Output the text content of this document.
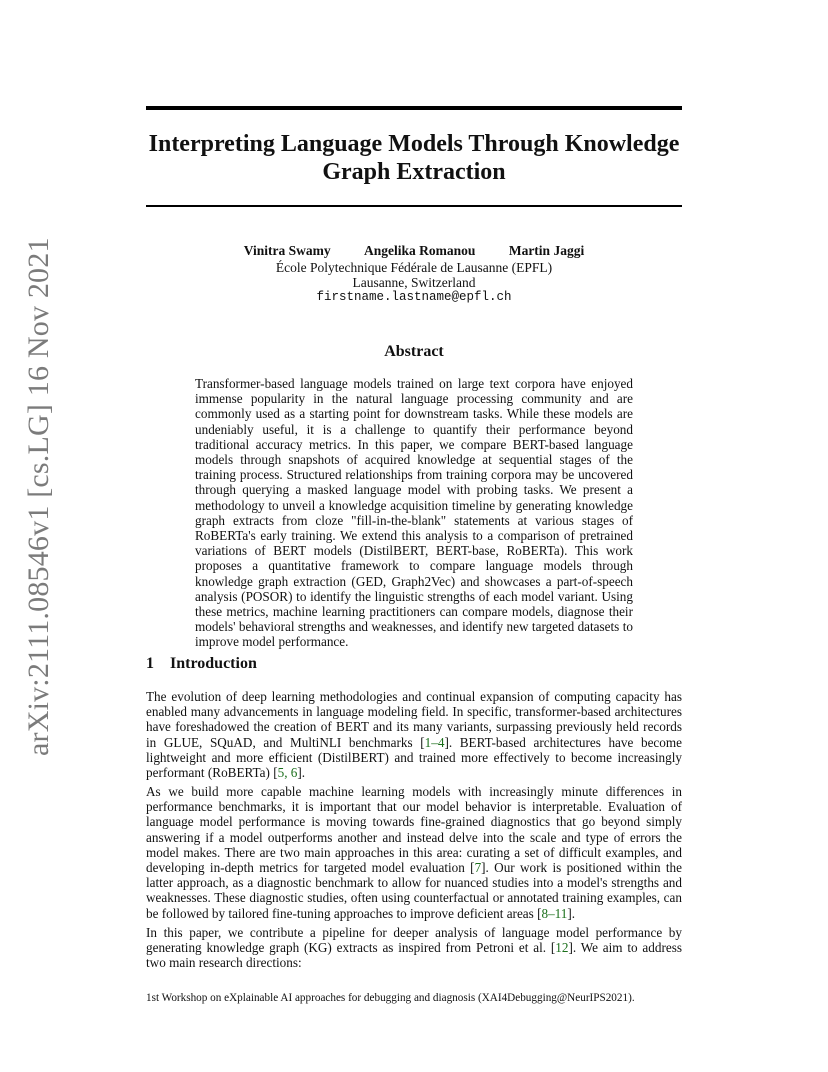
arXiv:2111.08546v1 [cs.LG] 16 Nov 2021
Interpreting Language Models Through Knowledge Graph Extraction
Vinitra Swamy Angelika Romanou Martin Jaggi
École Polytechnique Fédérale de Lausanne (EPFL)
Lausanne, Switzerland
firstname.lastname@epfl.ch
Abstract
Transformer-based language models trained on large text corpora have enjoyed immense popularity in the natural language processing community and are commonly used as a starting point for downstream tasks. While these models are undeniably useful, it is a challenge to quantify their performance beyond traditional accuracy metrics. In this paper, we compare BERT-based language models through snapshots of acquired knowledge at sequential stages of the training process. Structured relationships from training corpora may be uncovered through querying a masked language model with probing tasks. We present a methodology to unveil a knowledge acquisition timeline by generating knowledge graph extracts from cloze "fill-in-the-blank" statements at various stages of RoBERTa's early training. We extend this analysis to a comparison of pretrained variations of BERT models (DistilBERT, BERT-base, RoBERTa). This work proposes a quantitative framework to compare language models through knowledge graph extraction (GED, Graph2Vec) and showcases a part-of-speech analysis (POSOR) to identify the linguistic strengths of each model variant. Using these metrics, machine learning practitioners can compare models, diagnose their models' behavioral strengths and weaknesses, and identify new targeted datasets to improve model performance.
1 Introduction
The evolution of deep learning methodologies and continual expansion of computing capacity has enabled many advancements in language modeling field. In specific, transformer-based architectures have foreshadowed the creation of BERT and its many variants, surpassing previously held records in GLUE, SQuAD, and MultiNLI benchmarks [1–4]. BERT-based architectures have become lightweight and more efficient (DistilBERT) and trained more effectively to become increasingly performant (RoBERTa) [5, 6].
As we build more capable machine learning models with increasingly minute differences in performance benchmarks, it is important that our model behavior is interpretable. Evaluation of language model performance is moving towards fine-grained diagnostics that go beyond simply answering if a model outperforms another and instead delve into the scale and type of errors the model makes. There are two main approaches in this area: curating a set of difficult examples, and developing in-depth metrics for targeted model evaluation [7]. Our work is positioned within the latter approach, as a diagnostic benchmark to allow for nuanced studies into a model's strengths and weaknesses. These diagnostic studies, often using counterfactual or annotated training examples, can be followed by tailored fine-tuning approaches to improve deficient areas [8–11].
In this paper, we contribute a pipeline for deeper analysis of language model performance by generating knowledge graph (KG) extracts as inspired from Petroni et al. [12]. We aim to address two main research directions:
1st Workshop on eXplainable AI approaches for debugging and diagnosis (XAI4Debugging@NeurIPS2021).
